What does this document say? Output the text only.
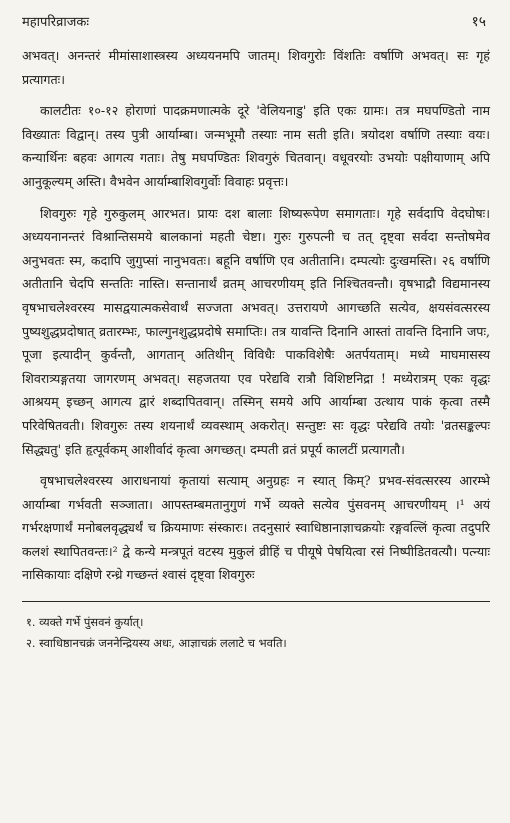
महापरिव्राजकः	१५

अभवत्। अनन्तरं मीमांसाशास्त्रस्य अध्ययनमपि जातम्। शिवगुरोः विंशतिः वर्षाणि अभवत्। सः गृहं प्रत्यागतः।

कालटीतः १०-१२ होराणां पादक्रमणात्मके दूरे 'वेलियनाडु' इति एकः ग्रामः। तत्र मघपण्डितो नाम विख्यातः विद्वान्। तस्य पुत्री आर्याम्बा। जन्मभूमौ तस्याः नाम सती इति। त्रयोदश वर्षाणि तस्याः वयः। कन्यार्थिनः बहवः आगत्य गताः। तेषु मघपण्डितः शिवगुरुं चितवान्। वधूवरयोः उभयोः पक्षीयाणाम् अपि आनुकूल्यम् अस्ति। वैभवेन आर्याम्बाशिवगुर्वोः विवाहः प्रवृत्तः।

शिवगुरुः गृहे गुरुकुलम् आरभत। प्रायः दश बालाः शिष्यरूपेण समागताः। गृहे सर्वदापि वेदघोषः। अध्ययनानन्तरं विश्रान्तिसमये बालकानां महती चेष्टा। गुरुः गुरुपत्नी च तत् दृष्ट्वा सर्वदा सन्तोषमेव अनुभवतः स्म, कदापि जुगुप्सां नानुभवतः। बहूनि वर्षाणि एव अतीतानि। दम्पत्योः दुःखमस्ति। २६ वर्षाणि अतीतानि चेदपि सन्ततिः नास्ति। सन्तानार्थं व्रतम् आचरणीयम् इति निश्चितवन्तौ। वृषभाद्रौ विद्यमानस्य वृषभाचलेश्वरस्य मासद्वयात्मकसेवार्थं सज्जता अभवत्। उत्तरायणे आगच्छति सत्येव, क्षयसंवत्सरस्य पुष्यशुद्धप्रदोषात् व्रतारम्भः, फाल्गुनशुद्धप्रदोषे समाप्तिः। तत्र यावन्ति दिनानि आस्तां तावन्ति दिनानि जपः, पूजा इत्यादीन् कुर्वन्तौ, आगतान् अतिथीन् विविधैः पाकविशेषैः अतर्पयताम्। मध्ये माघमासस्य शिवरात्र्यङ्गतया जागरणम् अभवत्। सहजतया एव परेद्यवि रात्रौ विशिष्टनिद्रा ! मध्येरात्रम् एकः वृद्धः आश्रयम् इच्छन् आगत्य द्वारं शब्दापितवान्। तस्मिन् समये अपि आर्याम्बा उत्थाय पाकं कृत्वा तस्मै परिवेषितवती। शिवगुरुः तस्य शयनार्थं व्यवस्थाम् अकरोत्। सन्तुष्टः सः वृद्धः परेद्यवि तयोः 'व्रतसङ्कल्पः सिद्ध्यतु' इति हृत्पूर्वकम् आशीर्वादं कृत्वा अगच्छत्। दम्पती व्रतं प्रपूर्य कालटीं प्रत्यागतौ।

वृषभाचलेश्वरस्य आराधनायां कृतायां सत्याम् अनुग्रहः न स्यात् किम्? प्रभव-संवत्सरस्य आरम्भे आर्याम्बा गर्भवती सञ्जाता। आपस्तम्बमतानुगुणं गर्भे व्यक्ते सत्येव पुंसवनम् आचरणीयम् ।¹ अयं गर्भरक्षणार्थं मनोबलवृद्ध्यर्थं च क्रियमाणः संस्कारः। तदनुसारं स्वाधिष्ठानाज्ञाचक्रयोः रङ्गवल्लिं कृत्वा तदुपरि कलशं स्थापितवन्तः।² द्वे कन्ये मन्त्रपूतं वटस्य मुकुलं व्रीहिं च पीयूषे पेषयित्वा रसं निष्पीडितवत्यौ। पत्न्याः नासिकायाः दक्षिणे रन्ध्रे गच्छन्तं श्वासं दृष्ट्वा शिवगुरुः

१. व्यक्ते गर्भे पुंसवनं कुर्यात्।

२. स्वाधिष्ठानचक्रं जननेन्द्रियस्य अधः, आज्ञाचक्रं ललाटे च भवति।
